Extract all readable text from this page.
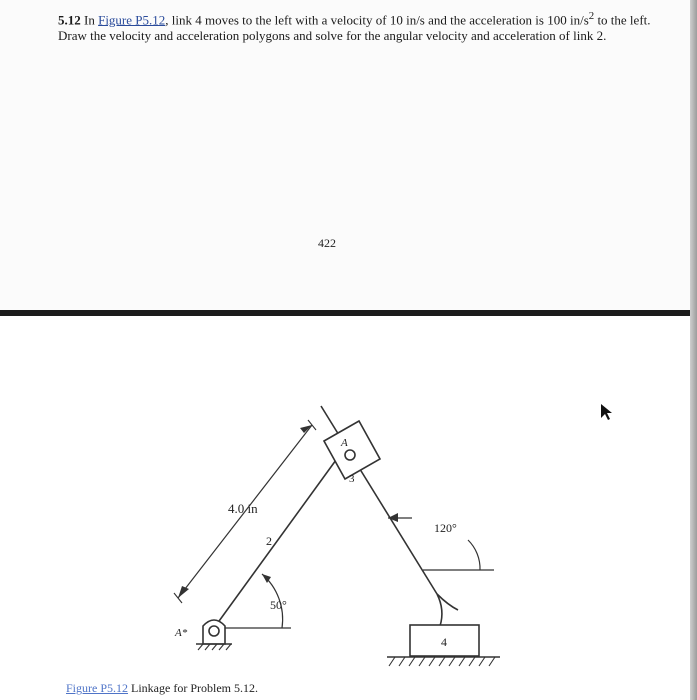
5.12 In Figure P5.12, link 4 moves to the left with a velocity of 10 in/s and the acceleration is 100 $in/s^2$ to the left. Draw the velocity and acceleration polygons and solve for the angular velocity and acceleration of link 2.
422
4.0 in
2
50°
A*
A
3
120°
4
Figure P5.12 Linkage for Problem 5.12.
